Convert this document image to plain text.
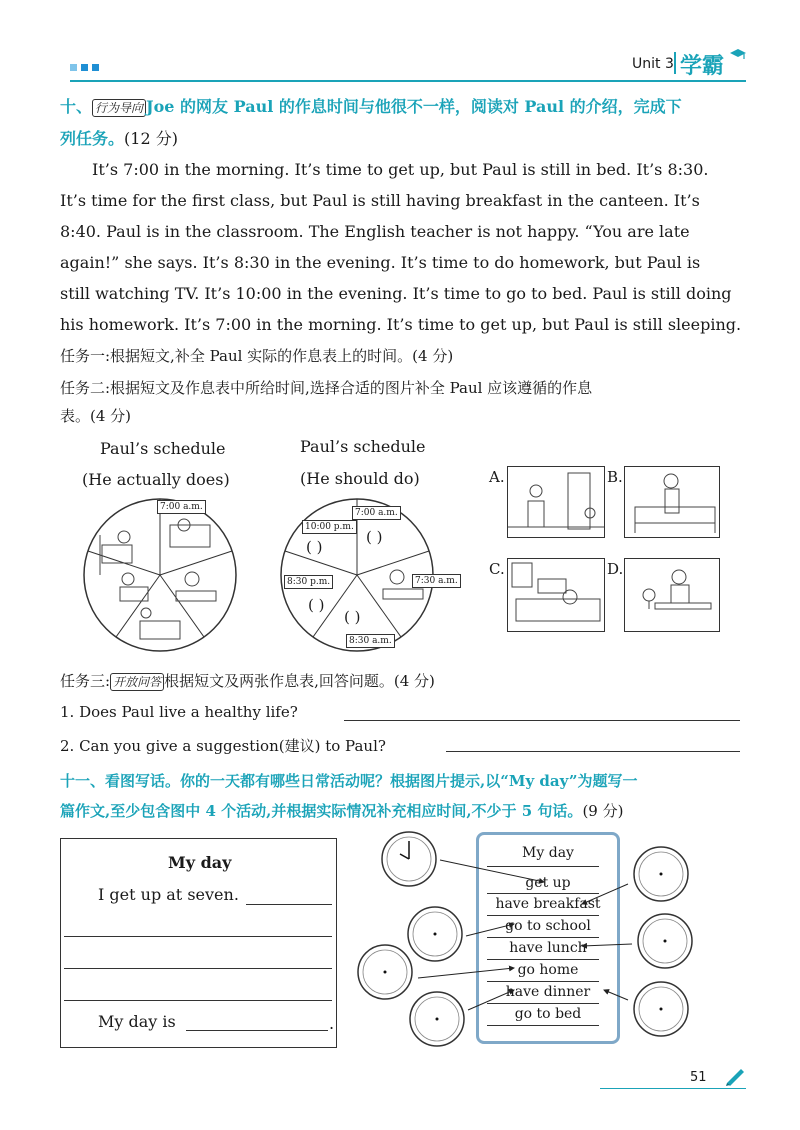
Unit 3 学霸
十、 行为导向 Joe 的网友 Paul 的作息时间与他很不一样，阅读对 Paul 的介绍，完成下
列任务。(12 分)
It’s 7:00 in the morning. It’s time to get up, but Paul is still in bed. It’s 8:30.
It’s time for the first class, but Paul is still having breakfast in the canteen. It’s
8:40. Paul is in the classroom. The English teacher is not happy. “You are late
again!” she says. It’s 8:30 in the evening. It’s time to do homework, but Paul is
still watching TV. It’s 10:00 in the evening. It’s time to go to bed. Paul is still doing
his homework. It’s 7:00 in the morning. It’s time to get up, but Paul is still sleeping.
任务一:根据短文,补全 Paul 实际的作息表上的时间。(4 分)
任务二:根据短文及作息表中所给时间,选择合适的图片补全 Paul 应该遵循的作息
表。(4 分)
Paul’s schedule
(He actually does)
7:00 a.m.
Paul’s schedule
(He should do)
7:00 a.m.
10:00 p.m.
7:30 a.m.
8:30 p.m.
8:30 a.m.
( )
( )
( )
( )
A.	B.
C.	D.
任务三: 开放问答 根据短文及两张作息表,回答问题。(4 分)
1. Does Paul live a healthy life?
2. Can you give a suggestion(建议) to Paul?
十一、看图写话。你的一天都有哪些日常活动呢？根据图片提示,以“My day”为题写一
篇作文,至少包含图中 4 个活动,并根据实际情况补充相应时间,不少于 5 句话。(9 分)
My day
I get up at seven.
My day is	.
My day
get up
have breakfast
go to school
have lunch
go home
have dinner
go to bed
51
